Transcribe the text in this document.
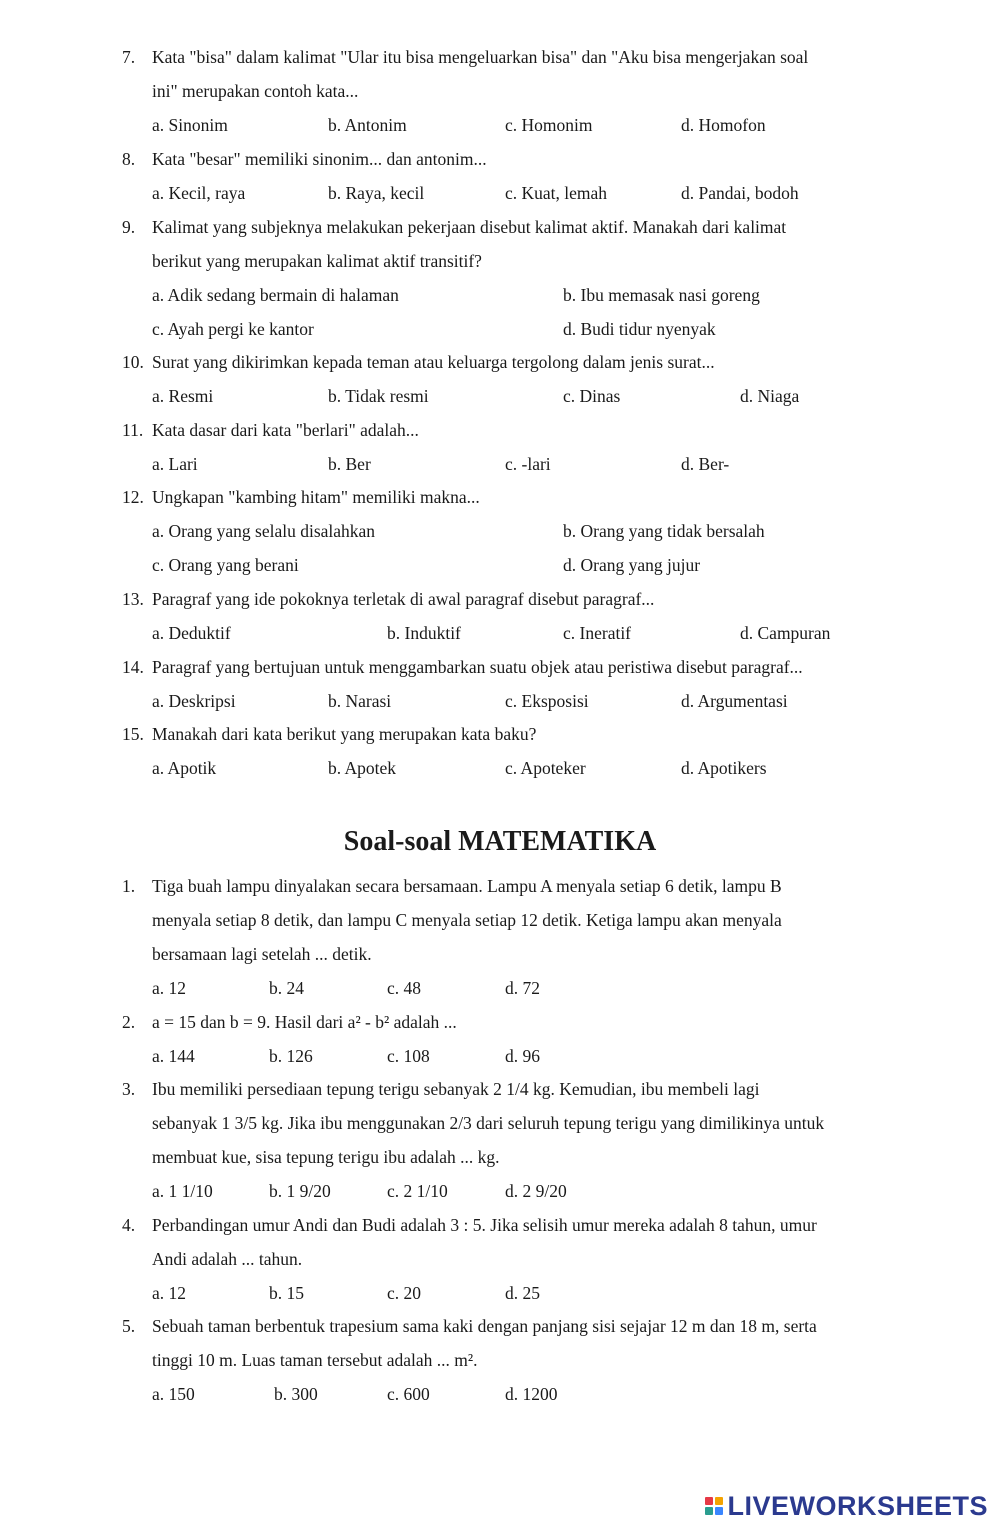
7. Kata "bisa" dalam kalimat "Ular itu bisa mengeluarkan bisa" dan "Aku bisa mengerjakan soal
ini" merupakan contoh kata...
a. Sinonim	b. Antonim	c. Homonim	d. Homofon
8. Kata "besar" memiliki sinonim... dan antonim...
a. Kecil, raya	b. Raya, kecil	c. Kuat, lemah	d. Pandai, bodoh
9. Kalimat yang subjeknya melakukan pekerjaan disebut kalimat aktif. Manakah dari kalimat
berikut yang merupakan kalimat aktif transitif?
a. Adik sedang bermain di halaman	b. Ibu memasak nasi goreng
c. Ayah pergi ke kantor	d. Budi tidur nyenyak
10. Surat yang dikirimkan kepada teman atau keluarga tergolong dalam jenis surat...
a. Resmi	b. Tidak resmi	c. Dinas	d. Niaga
11. Kata dasar dari kata "berlari" adalah...
a. Lari	b. Ber	c. -lari	d. Ber-
12. Ungkapan "kambing hitam" memiliki makna...
a. Orang yang selalu disalahkan	b. Orang yang tidak bersalah
c. Orang yang berani	d. Orang yang jujur
13. Paragraf yang ide pokoknya terletak di awal paragraf disebut paragraf...
a. Deduktif	b. Induktif	c. Ineratif	d. Campuran
14. Paragraf yang bertujuan untuk menggambarkan suatu objek atau peristiwa disebut paragraf...
a. Deskripsi	b. Narasi	c. Eksposisi	d. Argumentasi
15. Manakah dari kata berikut yang merupakan kata baku?
a. Apotik	b. Apotek	c. Apoteker	d. Apotikers
Soal-soal MATEMATIKA
1. Tiga buah lampu dinyalakan secara bersamaan. Lampu A menyala setiap 6 detik, lampu B
menyala setiap 8 detik, dan lampu C menyala setiap 12 detik. Ketiga lampu akan menyala
bersamaan lagi setelah ... detik.
a. 12	b. 24	c. 48	d. 72
2. a = 15 dan b = 9. Hasil dari a² - b² adalah ...
a. 144	b. 126	c. 108	d. 96
3. Ibu memiliki persediaan tepung terigu sebanyak 2 1/4 kg. Kemudian, ibu membeli lagi
sebanyak 1 3/5 kg. Jika ibu menggunakan 2/3 dari seluruh tepung terigu yang dimilikinya untuk
membuat kue, sisa tepung terigu ibu adalah ... kg.
a. 1 1/10	b. 1 9/20	c. 2 1/10	d. 2 9/20
4. Perbandingan umur Andi dan Budi adalah 3 : 5. Jika selisih umur mereka adalah 8 tahun, umur
Andi adalah ... tahun.
a. 12	b. 15	c. 20	d. 25
5. Sebuah taman berbentuk trapesium sama kaki dengan panjang sisi sejajar 12 m dan 18 m, serta
tinggi 10 m. Luas taman tersebut adalah ... m².
a. 150	b. 300	c. 600	d. 1200
LIVEWORKSHEETS
